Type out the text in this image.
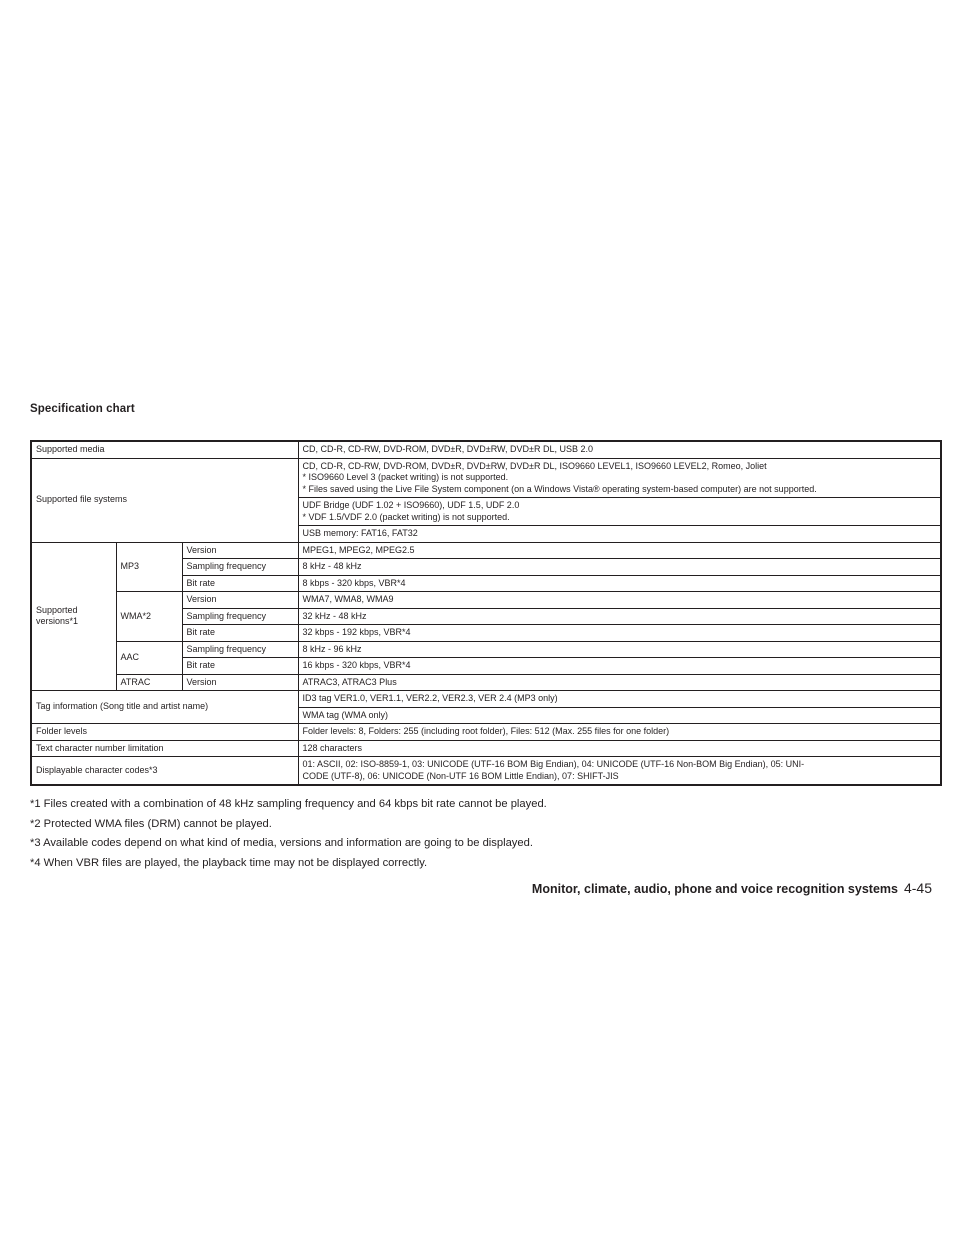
Specification chart
Supported media			CD, CD-R, CD-RW, DVD-ROM, DVD±R, DVD±RW, DVD±R DL, USB 2.0
Supported file systems			CD, CD-R, CD-RW, DVD-ROM, DVD±R, DVD±RW, DVD±R DL, ISO9660 LEVEL1, ISO9660 LEVEL2, Romeo, Joliet
* ISO9660 Level 3 (packet writing) is not supported.
* Files saved using the Live File System component (on a Windows Vista® operating system-based computer) are not supported.

			UDF Bridge (UDF 1.02 + ISO9660), UDF 1.5, UDF 2.0
* VDF 1.5/VDF 2.0 (packet writing) is not supported.

			USB memory: FAT16, FAT32
Supported versions*1	MP3	Version	MPEG1, MPEG2, MPEG2.5
		Sampling frequency	8 kHz - 48 kHz
		Bit rate	8 kbps - 320 kbps, VBR*4
	WMA*2	Version	WMA7, WMA8, WMA9
		Sampling frequency	32 kHz - 48 kHz
		Bit rate	32 kbps - 192 kbps, VBR*4
	AAC	Sampling frequency	8 kHz - 96 kHz
		Bit rate	16 kbps - 320 kbps, VBR*4
	ATRAC	Version	ATRAC3, ATRAC3 Plus
Tag information (Song title and artist name)			ID3 tag VER1.0, VER1.1, VER2.2, VER2.3, VER 2.4 (MP3 only)
			WMA tag (WMA only)
Folder levels			Folder levels: 8, Folders: 255 (including root folder), Files: 512 (Max. 255 files for one folder)
Text character number limitation			128 characters
Displayable character codes*3			01: ASCII, 02: ISO-8859-1, 03: UNICODE (UTF-16 BOM Big Endian), 04: UNICODE (UTF-16 Non-BOM Big Endian), 05: UNI-
CODE (UTF-8), 06: UNICODE (Non-UTF 16 BOM Little Endian), 07: SHIFT-JIS

*1 Files created with a combination of 48 kHz sampling frequency and 64 kbps bit rate cannot be played.

*2 Protected WMA files (DRM) cannot be played.

*3 Available codes depend on what kind of media, versions and information are going to be displayed.

*4 When VBR files are played, the playback time may not be displayed correctly.

Monitor, climate, audio, phone and voice recognition systems 4-45
